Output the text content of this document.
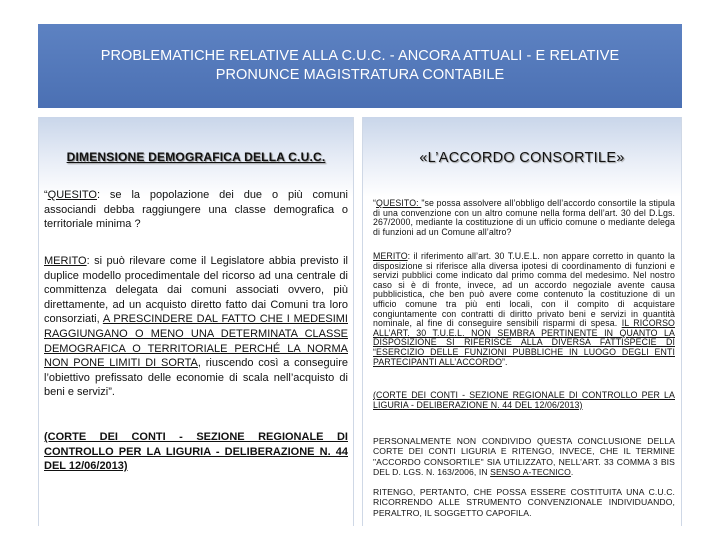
PROBLEMATICHE RELATIVE ALLA C.U.C. - ANCORA ATTUALI - E RELATIVE
PRONUNCE MAGISTRATURA CONTABILE

DIMENSIONE DEMOGRAFICA DELLA C.U.C.

“QUESITO: se la popolazione dei due o più comuni associandi debba raggiungere una classe demografica o territoriale minima ?

MERITO: si può rilevare come il Legislatore abbia previsto il duplice modello procedimentale del ricorso ad una centrale di committenza delegata dai comuni associati ovvero, più direttamente, ad un acquisto diretto fatto dai Comuni tra loro consorziati, A PRESCINDERE DAL FATTO CHE I MEDESIMI RAGGIUNGANO O MENO UNA DETERMINATA CLASSE DEMOGRAFICA O TERRITORIALE PERCHÉ LA NORMA NON PONE LIMITI DI SORTA, riuscendo così a conseguire l’obiettivo prefissato delle economie di scala nell’acquisto di beni e servizi”.

(CORTE DEI CONTI - SEZIONE REGIONALE DI CONTROLLO PER LA LIGURIA - DELIBERAZIONE N. 44 DEL 12/06/2013)

«L’ACCORDO CONSORTILE»

“QUESITO: "se possa assolvere all’obbligo dell’accordo consortile la stipula di una convenzione con un altro comune nella forma dell’art. 30 del D.Lgs. 267/2000, mediante la costituzione di un ufficio comune o mediante delega di funzioni ad un Comune all’altro?

MERITO: il riferimento all’art. 30 T.U.E.L. non appare corretto in quanto la disposizione si riferisce alla diversa ipotesi di coordinamento di funzioni e servizi pubblici come indicato dal primo comma del medesimo. Nel nostro caso si è di fronte, invece, ad un accordo negoziale avente causa pubblicistica, che ben può avere come contenuto la costituzione di un ufficio comune tra più enti locali, con il compito di acquistare congiuntamente con contratti di diritto privato beni e servizi in quantità nominale, al fine di conseguire sensibili risparmi di spesa. IL RICORSO ALL’ART. 30 T.U.E.L. NON SEMBRA PERTINENTE IN QUANTO LA DISPOSIZIONE SI RIFERISCE ALLA DIVERSA FATTISPECIE DI “ESERCIZIO DELLE FUNZIONI PUBBLICHE IN LUOGO DEGLI ENTI PARTECIPANTI ALL’ACCORDO”.

(CORTE DEI CONTI - SEZIONE REGIONALE DI CONTROLLO PER LA LIGURIA - DELIBERAZIONE N. 44 DEL 12/06/2013)

PERSONALMENTE NON CONDIVIDO QUESTA CONCLUSIONE DELLA CORTE DEI CONTI LIGURIA E RITENGO, INVECE, CHE IL TERMINE "ACCORDO CONSORTILE" SIA UTILIZZATO, NELL’ART. 33 COMMA 3 BIS DEL D. LGS. N. 163/2006, IN SENSO A-TECNICO.

RITENGO, PERTANTO, CHE POSSA ESSERE COSTITUITA UNA C.U.C. RICORRENDO ALLE STRUMENTO CONVENZIONALE INDIVIDUANDO, PERALTRO, IL SOGGETTO CAPOFILA.
